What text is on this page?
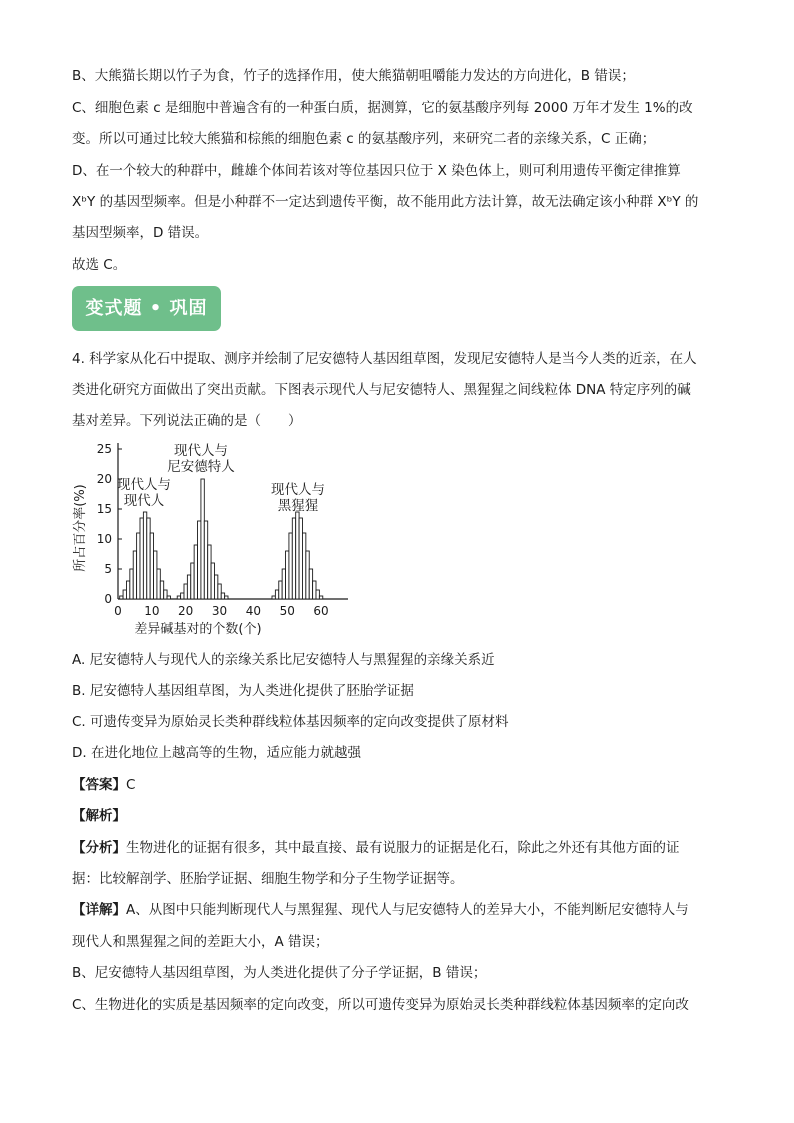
B、大熊猫长期以竹子为食，竹子的选择作用，使大熊猫朝咀嚼能力发达的方向进化，B 错误；
C、细胞色素 c 是细胞中普遍含有的一种蛋白质，据测算，它的氨基酸序列每 2000 万年才发生 1%的改
变。所以可通过比较大熊猫和棕熊的细胞色素 c 的氨基酸序列，来研究二者的亲缘关系，C 正确；
D、在一个较大的种群中，雌雄个体间若该对等位基因只位于 X 染色体上，则可利用遗传平衡定律推算
XᵇY 的基因型频率。但是小种群不一定达到遗传平衡，故不能用此方法计算，故无法确定该小种群 XᵇY 的
基因型频率，D 错误。
故选 C。
变式题 • 巩固
4. 科学家从化石中提取、测序并绘制了尼安德特人基因组草图，发现尼安德特人是当今人类的近亲，在人
类进化研究方面做出了突出贡献。下图表示现代人与尼安德特人、黑猩猩之间线粒体 DNA 特定序列的碱
基对差异。下列说法正确的是（　　）
0
5
10
15
20
25
0 10 20 30 40 50 60
现代人与
现代人
现代人与
尼安德特人
现代人与
黑猩猩
差异碱基对的个数(个)
所占百分率(%)
A. 尼安德特人与现代人的亲缘关系比尼安德特人与黑猩猩的亲缘关系近
B. 尼安德特人基因组草图，为人类进化提供了胚胎学证据
C. 可遗传变异为原始灵长类种群线粒体基因频率的定向改变提供了原材料
D. 在进化地位上越高等的生物，适应能力就越强
【答案】C
【解析】
【分析】生物进化的证据有很多，其中最直接、最有说服力的证据是化石，除此之外还有其他方面的证
据：比较解剖学、胚胎学证据、细胞生物学和分子生物学证据等。
【详解】A、从图中只能判断现代人与黑猩猩、现代人与尼安德特人的差异大小，不能判断尼安德特人与
现代人和黑猩猩之间的差距大小，A 错误；
B、尼安德特人基因组草图，为人类进化提供了分子学证据，B 错误；
C、生物进化的实质是基因频率的定向改变，所以可遗传变异为原始灵长类种群线粒体基因频率的定向改
